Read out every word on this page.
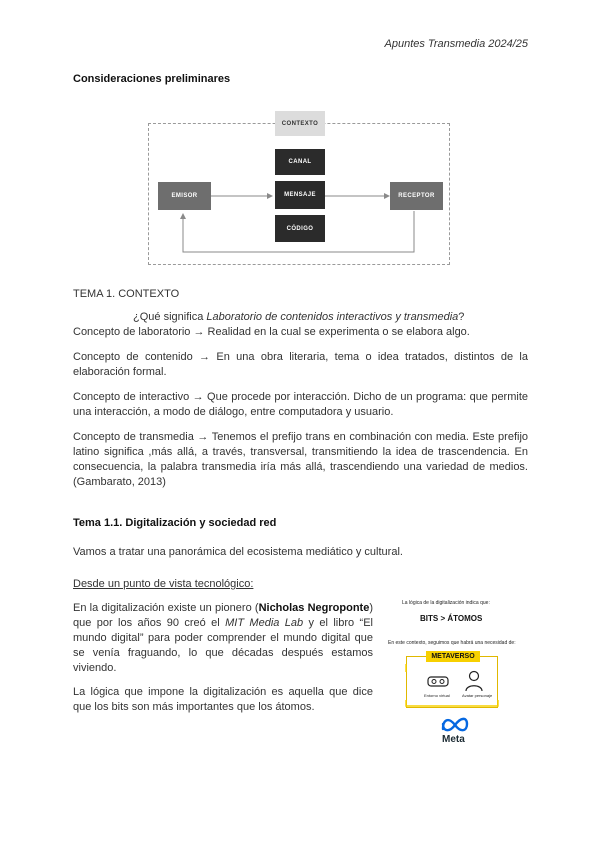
Apuntes Transmedia 2024/25
Consideraciones preliminares
CONTEXTO
CANAL
MENSAJE
CÓDIGO
EMISOR	RECEPTOR
TEMA 1. CONTEXTO
¿Qué significa Laboratorio de contenidos interactivos y transmedia?
Concepto de laboratorio → Realidad en la cual se experimenta o se elabora algo.
Concepto de contenido → En una obra literaria, tema o idea tratados, distintos de la elaboración formal.
Concepto de interactivo → Que procede por interacción. Dicho de un programa: que permite una interacción, a modo de diálogo, entre computadora y usuario.
Concepto de transmedia → Tenemos el prefijo trans en combinación con media. Este prefijo latino significa ,más allá, a través, transversal, transmitiendo la idea de trascendencia. En consecuencia, la palabra transmedia iría más allá, trascendiendo una variedad de medios. (Gambarato, 2013)
Tema 1.1. Digitalización y sociedad red
Vamos a tratar una panorámica del ecosistema mediático y cultural.
Desde un punto de vista tecnológico:
En la digitalización existe un pionero (Nicholas Negroponte) que por los años 90 creó el MIT Media Lab y el libro “El mundo digital” para poder comprender el mundo digital que se venía fraguando, lo que décadas después estamos viviendo.
La lógica que impone la digitalización es aquella que dice que los bits son más importantes que los átomos.
La lógica de la digitalización indica que:
BITS > ÁTOMOS
En este contexto, seguimos que habrá una necesidad de:
METAVERSO
Entorno virtual	Avatar personaje
Meta
